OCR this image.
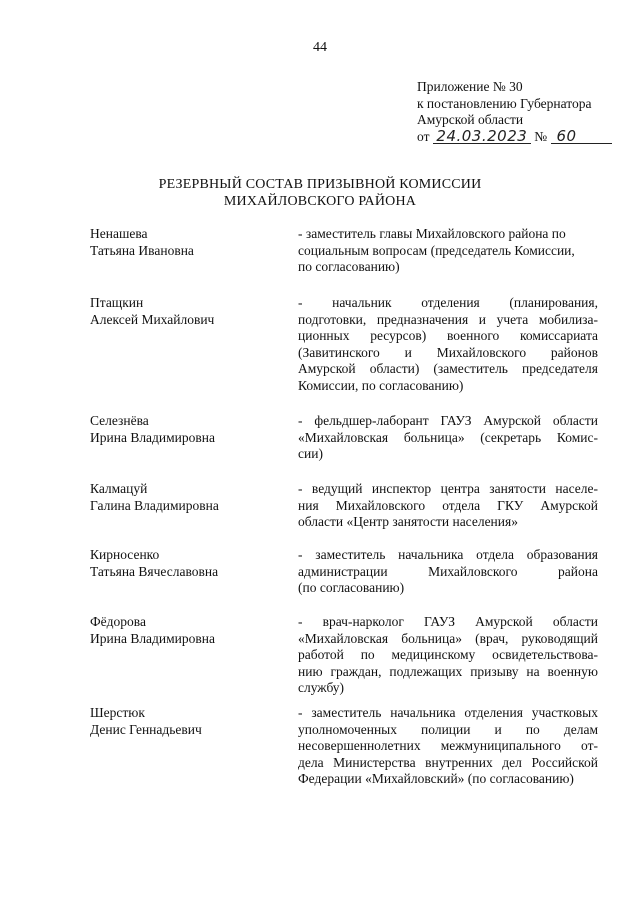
44
Приложение № 30
к постановлению Губернатора
Амурской области
от 24.03.2023 № 60
РЕЗЕРВНЫЙ СОСТАВ ПРИЗЫВНОЙ КОМИССИИ
МИХАЙЛОВСКОГО РАЙОНА
Ненашева
Татьяна Ивановна
- заместитель главы Михайловского района по
социальным вопросам (председатель Комиссии,
по согласованию)
Птащкин
Алексей Михайлович
- начальник отделения (планирования,
подготовки, предназначения и учета мобилиза-
ционных ресурсов) военного комиссариата
(Завитинского и Михайловского районов
Амурской области) (заместитель председателя
Комиссии, по согласованию)
Селезнёва
Ирина Владимировна
- фельдшер-лаборант ГАУЗ Амурской области
«Михайловская больница» (секретарь Комис-
сии)
Калмацуй
Галина Владимировна
- ведущий инспектор центра занятости населе-
ния Михайловского отдела ГКУ Амурской
области «Центр занятости населения»
Кирносенко
Татьяна Вячеславовна
- заместитель начальника отдела образования
администрации Михайловского района
(по согласованию)
Фёдорова
Ирина Владимировна
- врач-нарколог ГАУЗ Амурской области
«Михайловская больница» (врач, руководящий
работой по медицинскому освидетельствова-
нию граждан, подлежащих призыву на военную
службу)
Шерстюк
Денис Геннадьевич
- заместитель начальника отделения участковых
уполномоченных полиции и по делам
несовершеннолетних межмуниципального от-
дела Министерства внутренних дел Российской
Федерации «Михайловский» (по согласованию)
